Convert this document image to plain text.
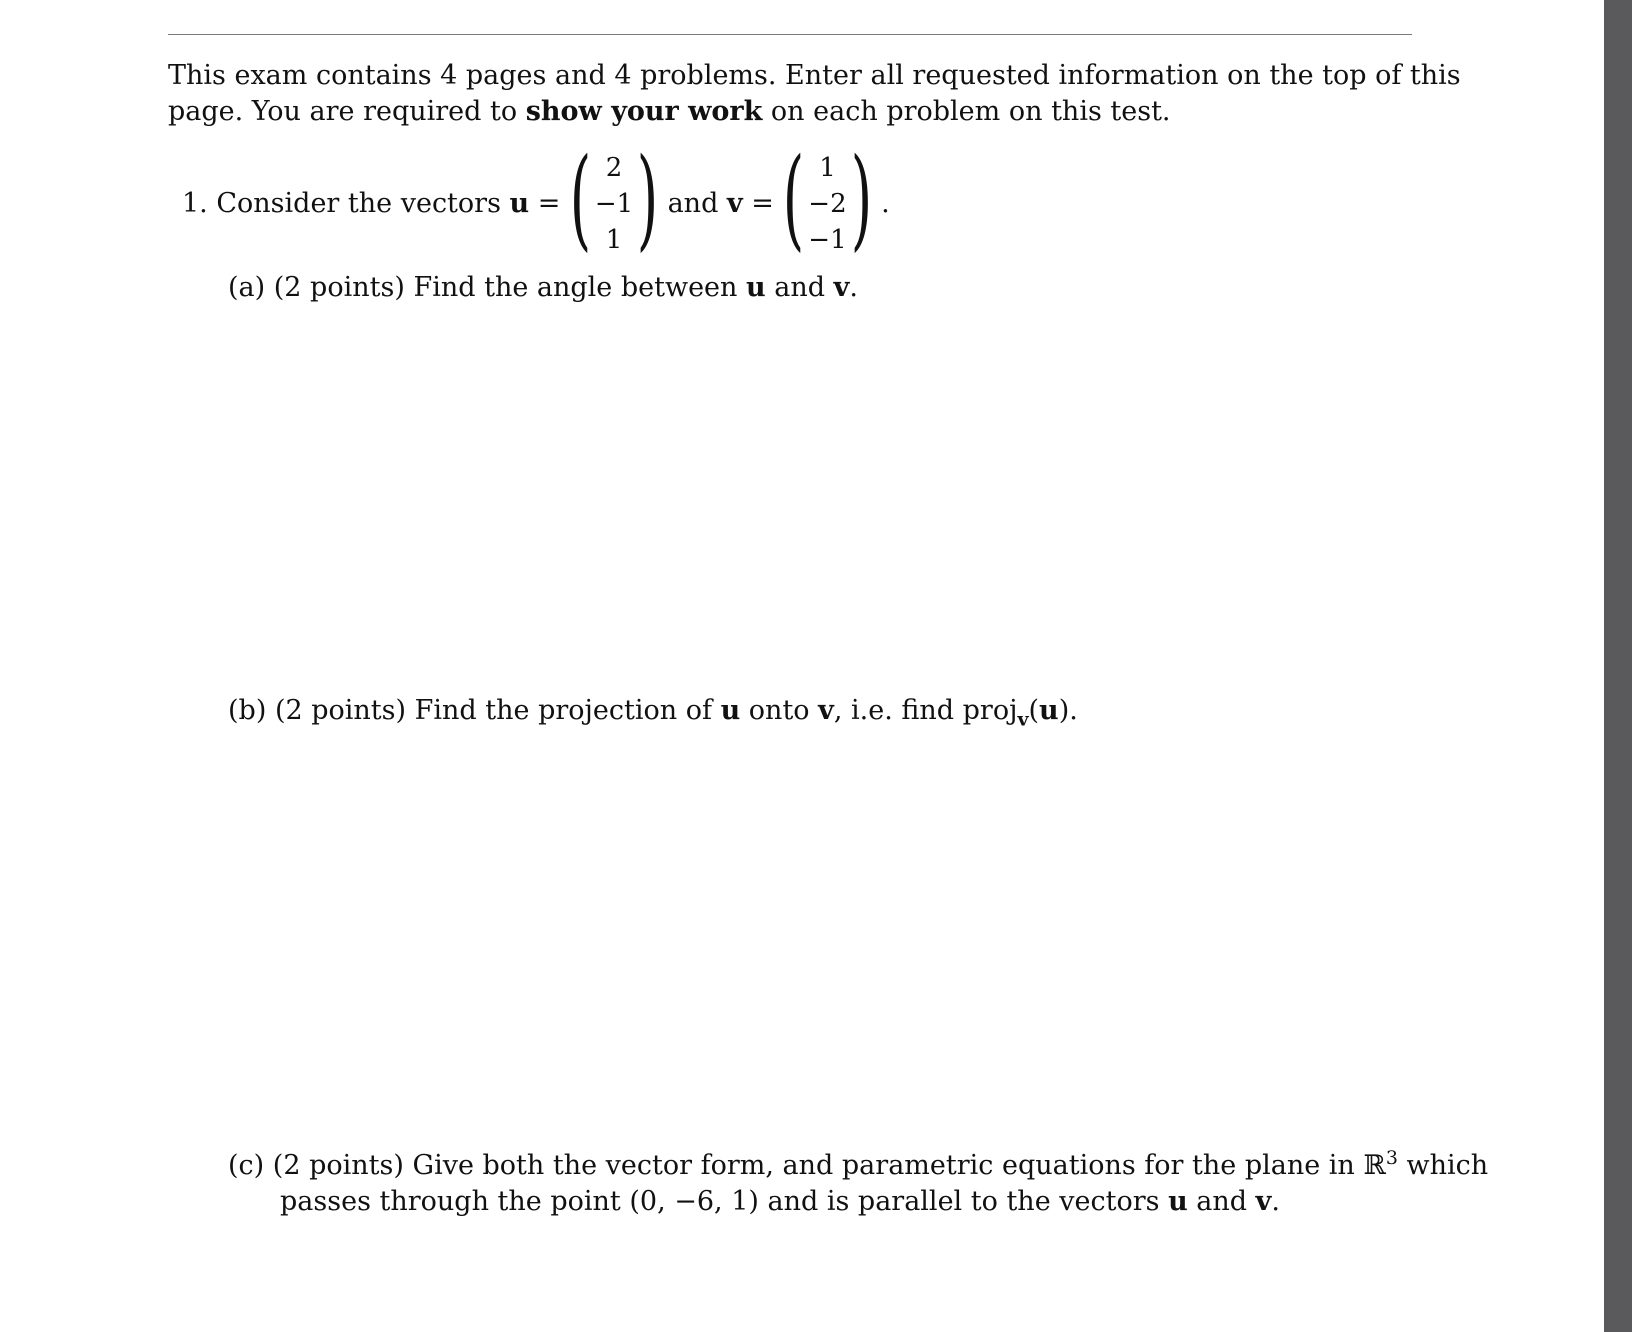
This exam contains 4 pages and 4 problems. Enter all requested information on the top of this
page. You are required to show your work on each problem on this test.
1. Consider the vectors u = ( 2
−1
1 ) and v = ( 1
−2
−1 ) .
(a) (2 points) Find the angle between u and v.
(b) (2 points) Find the projection of u onto v, i.e. find proj$_v$(u).
(c) (2 points) Give both the vector form, and parametric equations for the plane in ℝ$^3$ which
passes through the point (0, −6, 1) and is parallel to the vectors u and v.
